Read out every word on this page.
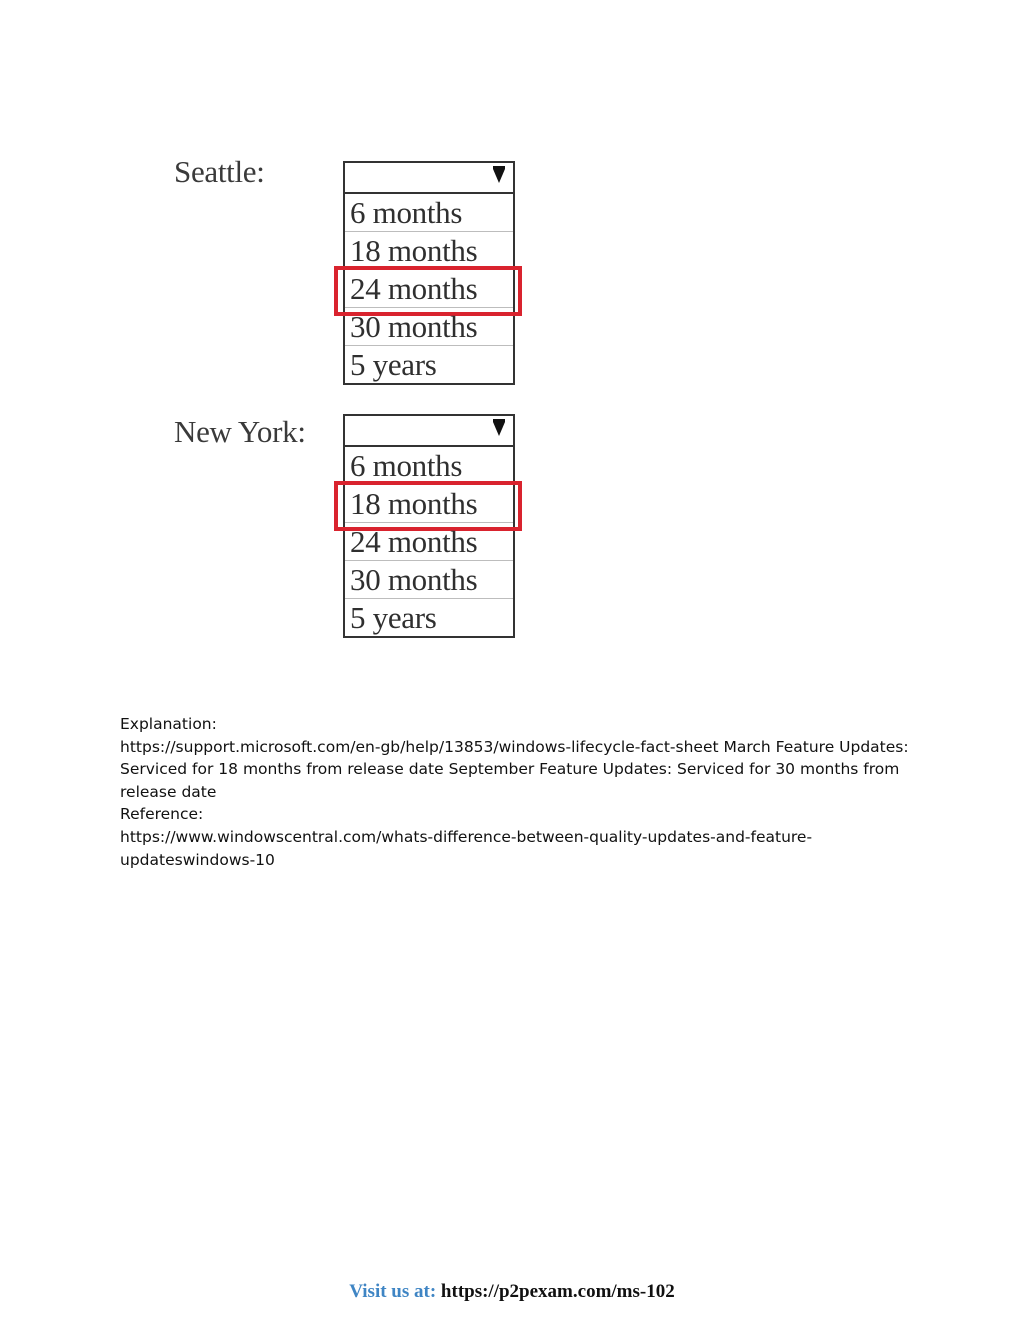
Seattle:
6 months
18 months
24 months
30 months
5 years
New York:
6 months
18 months
24 months
30 months
5 years

Explanation:

https://support.microsoft.com/en-gb/help/13853/windows-lifecycle-fact-sheet March Feature Updates: Serviced for 18 months from release date September Feature Updates: Serviced for 30 months from release date

Reference:

https://www.windowscentral.com/whats-difference-between-quality-updates-and-feature-updateswindows-10

Visit us at: https://p2pexam.com/ms-102
